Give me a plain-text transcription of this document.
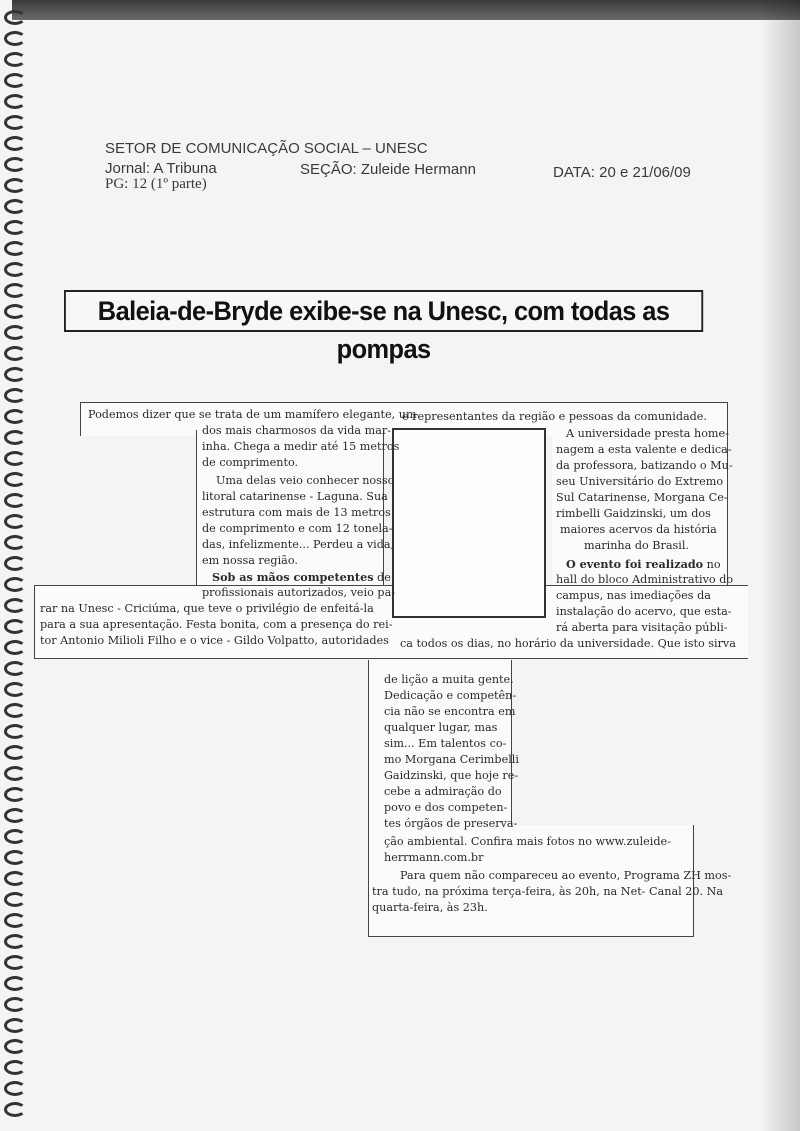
SETOR DE COMUNICAÇÃO SOCIAL – UNESC
Jornal: A Tribuna	SEÇÃO: Zuleide Hermann	DATA: 20 e 21/06/09
PG: 12 (1º parte)
Baleia-de-Bryde exibe-se na Unesc, com todas as pompas
Podemos dizer que se trata de um mamífero elegante, um
dos mais charmosos da vida mar-
inha. Chega a medir até 15 metros
de comprimento.
Uma delas veio conhecer nosso
litoral catarinense - Laguna. Sua
estrutura com mais de 13 metros
de comprimento e com 12 tonela-
das, infelizmente... Perdeu a vida,
em nossa região.
Sob as mãos competentes de
profissionais autorizados, veio pa-
rar na Unesc - Criciúma, que teve o privilégio de enfeitá-la
para a sua apresentação. Festa bonita, com a presença do rei-
tor Antonio Milioli Filho e o vice - Gildo Volpatto, autoridades
e representantes da região e pessoas da comunidade.
A universidade presta home-
nagem a esta valente e dedica-
da professora, batizando o Mu-
seu Universitário do Extremo
Sul Catarinense, Morgana Ce-
rimbelli Gaidzinski, um dos
maiores acervos da história
marinha do Brasil.
O evento foi realizado no
hall do bloco Administrativo do
campus, nas imediações da
instalação do acervo, que esta-
rá aberta para visitação públi-
ca todos os dias, no horário da universidade. Que isto sirva
de lição a muita gente.
Dedicação e competên-
cia não se encontra em
qualquer lugar, mas
sim... Em talentos co-
mo Morgana Cerimbelli
Gaidzinski, que hoje re-
cebe a admiração do
povo e dos competen-
tes órgãos de preserva-
ção ambiental. Confira mais fotos no www.zuleide-
herrmann.com.br
Para quem não compareceu ao evento, Programa ZH mos-
tra tudo, na próxima terça-feira, às 20h, na Net- Canal 20. Na
quarta-feira, às 23h.
